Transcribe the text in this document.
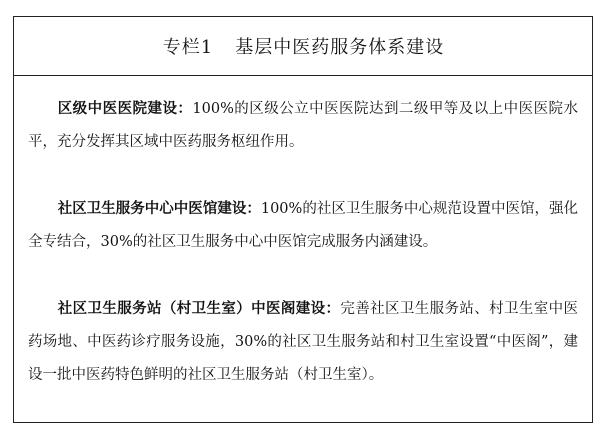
专栏1 基层中医药服务体系建设

区级中医医院建设：100%的区级公立中医医院达到二级甲等及以上中医医院水平，充分发挥其区域中医药服务枢纽作用。

社区卫生服务中心中医馆建设：100%的社区卫生服务中心规范设置中医馆，强化全专结合，30%的社区卫生服务中心中医馆完成服务内涵建设。

社区卫生服务站（村卫生室）中医阁建设：完善社区卫生服务站、村卫生室中医药场地、中医药诊疗服务设施，30%的社区卫生服务站和村卫生室设置“中医阁”，建设一批中医药特色鲜明的社区卫生服务站（村卫生室）。
